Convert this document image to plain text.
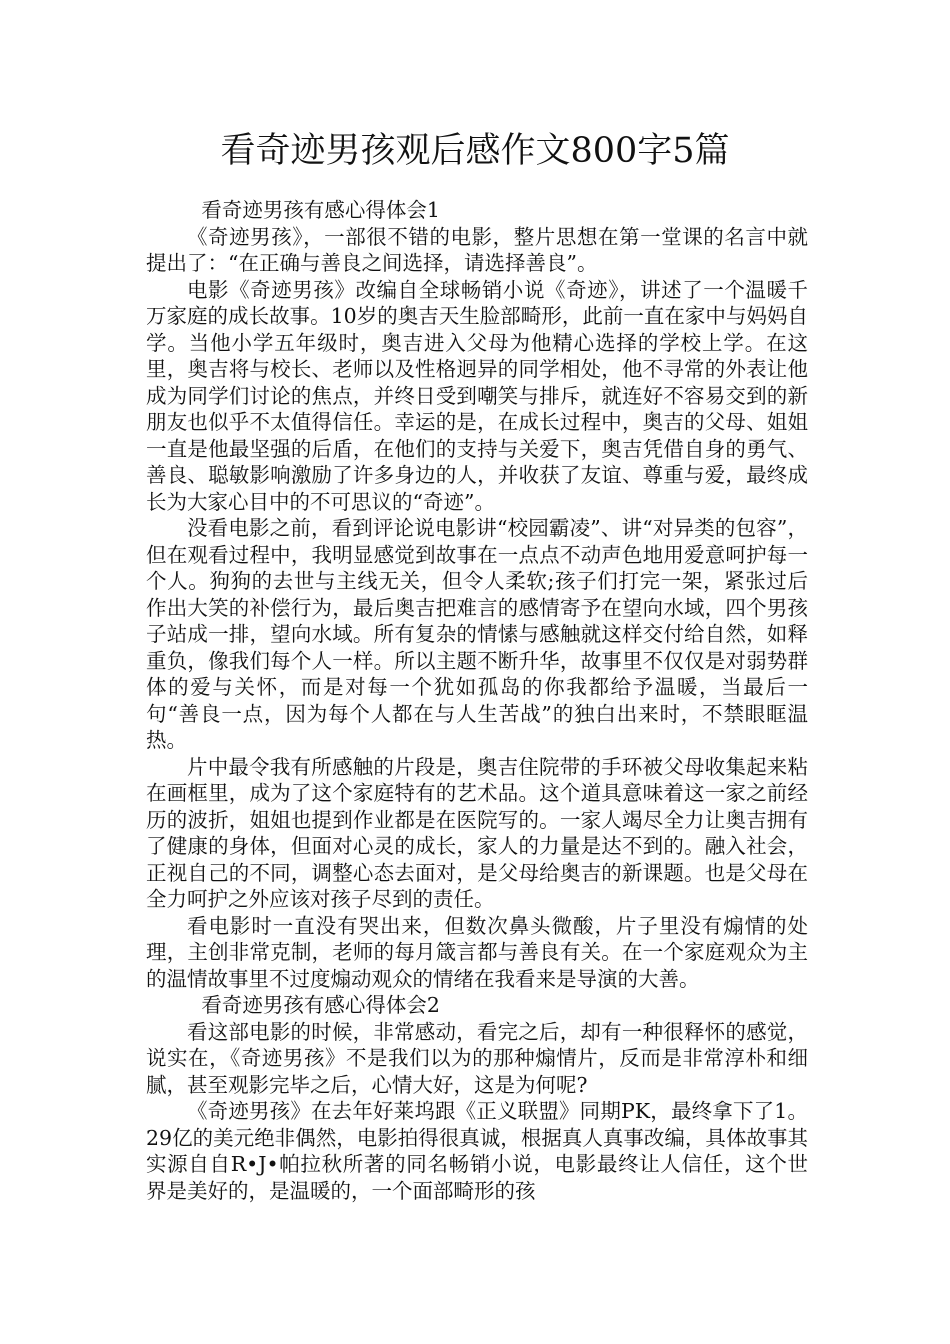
看奇迹男孩观后感作文800字5篇

看奇迹男孩有感心得体会1

《奇迹男孩》，一部很不错的电影，整片思想在第一堂课的名言中就提出了：“在正确与善良之间选择，请选择善良”。

电影《奇迹男孩》改编自全球畅销小说《奇迹》，讲述了一个温暖千万家庭的成长故事。10岁的奥吉天生脸部畸形，此前一直在家中与妈妈自学。当他小学五年级时，奥吉进入父母为他精心选择的学校上学。在这里，奥吉将与校长、老师以及性格迥异的同学相处，他不寻常的外表让他成为同学们讨论的焦点，并终日受到嘲笑与排斥，就连好不容易交到的新朋友也似乎不太值得信任。幸运的是，在成长过程中，奥吉的父母、姐姐一直是他最坚强的后盾，在他们的支持与关爱下，奥吉凭借自身的勇气、善良、聪敏影响激励了许多身边的人，并收获了友谊、尊重与爱，最终成长为大家心目中的不可思议的“奇迹”。

没看电影之前，看到评论说电影讲“校园霸凌”、讲“对异类的包容”，但在观看过程中，我明显感觉到故事在一点点不动声色地用爱意呵护每一个人。狗狗的去世与主线无关，但令人柔软;孩子们打完一架，紧张过后作出大笑的补偿行为，最后奥吉把难言的感情寄予在望向水域，四个男孩子站成一排，望向水域。所有复杂的情愫与感触就这样交付给自然，如释重负，像我们每个人一样。所以主题不断升华，故事里不仅仅是对弱势群体的爱与关怀，而是对每一个犹如孤岛的你我都给予温暖，当最后一句“善良一点，因为每个人都在与人生苦战”的独白出来时，不禁眼眶温热。

片中最令我有所感触的片段是，奥吉住院带的手环被父母收集起来粘在画框里，成为了这个家庭特有的艺术品。这个道具意味着这一家之前经历的波折，姐姐也提到作业都是在医院写的。一家人竭尽全力让奥吉拥有了健康的身体，但面对心灵的成长，家人的力量是达不到的。融入社会，正视自己的不同，调整心态去面对，是父母给奥吉的新课题。也是父母在全力呵护之外应该对孩子尽到的责任。

看电影时一直没有哭出来，但数次鼻头微酸，片子里没有煽情的处理，主创非常克制，老师的每月箴言都与善良有关。在一个家庭观众为主的温情故事里不过度煽动观众的情绪在我看来是导演的大善。

看奇迹男孩有感心得体会2

看这部电影的时候，非常感动，看完之后，却有一种很释怀的感觉，说实在，《奇迹男孩》不是我们以为的那种煽情片，反而是非常淳朴和细腻，甚至观影完毕之后，心情大好，这是为何呢?

《奇迹男孩》在去年好莱坞跟《正义联盟》同期PK，最终拿下了1。29亿的美元绝非偶然，电影拍得很真诚，根据真人真事改编，具体故事其实源自自R•J•帕拉秋所著的同名畅销小说，电影最终让人信任，这个世界是美好的，是温暖的，一个面部畸形的孩
